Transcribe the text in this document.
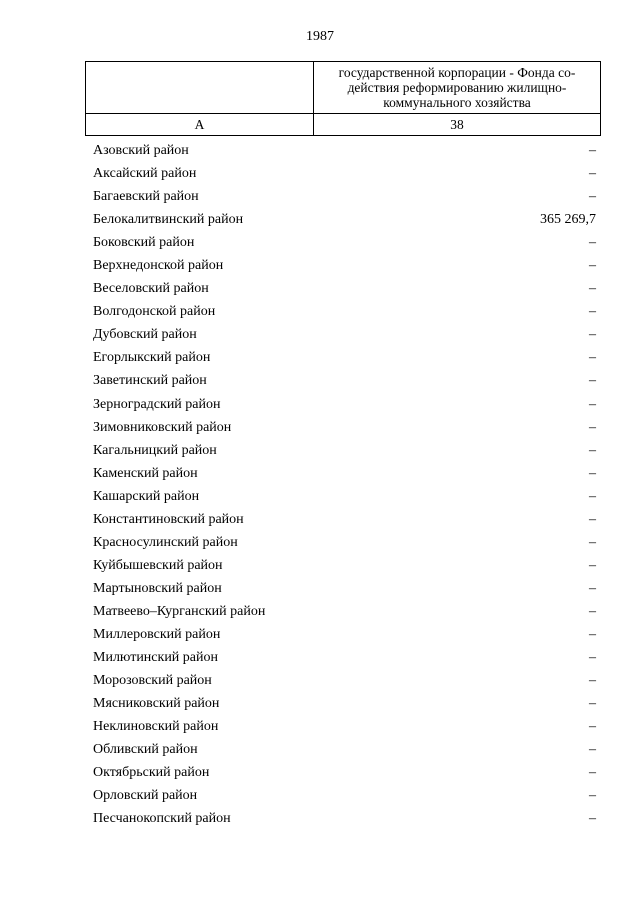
1987

	государственной корпорации - Фонда со-действия реформированию жилищно-коммунального хозяйства

А	38
Азовский район	–
Аксайский район	–
Багаевский район	–
Белокалитвинский район	365 269,7
Боковский район	–
Верхнедонской район	–
Веселовский район	–
Волгодонской район	–
Дубовский район	–
Егорлыкский район	–
Заветинский район	–
Зерноградский район	–
Зимовниковский район	–
Кагальницкий район	–
Каменский район	–
Кашарский район	–
Константиновский район	–
Красносулинский район	–
Куйбышевский район	–
Мартыновский район	–
Матвеево–Курганский район	–
Миллеровский район	–
Милютинский район	–
Морозовский район	–
Мясниковский район	–
Неклиновский район	–
Обливский район	–
Октябрьский район	–
Орловский район	–
Песчанокопский район	–
